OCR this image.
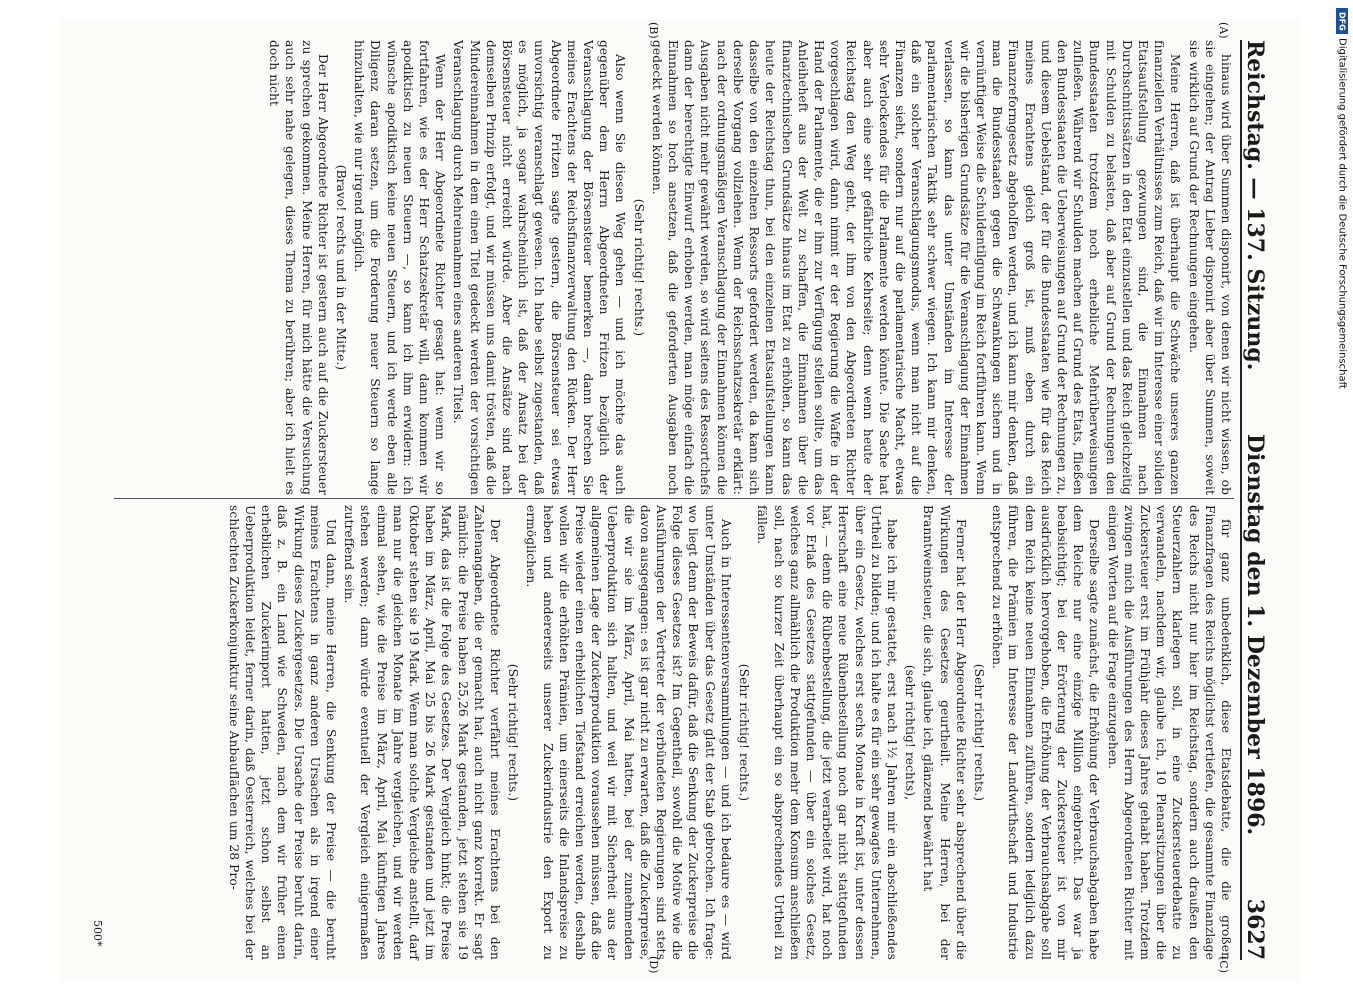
Reichstag. — 137. Sitzung.
Dienstag den 1. Dezember 1896.
3627

hinaus wird über Summen disponirt, von denen wir nicht wissen, ob sie eingehen; der Antrag Lieber disponirt aber über Summen, soweit sie wirklich auf Grund der Rechnungen eingehen.

Meine Herren, daß ist überhaupt die Schwäche unseres ganzen finanziellen Verhältnisses zum Reich, daß wir im Interesse einer soliden Etatsaufstellung gezwungen sind, die Einnahmen nach Durchschnittssätzen in den Etat einzustellen und das Reich gleichzeitig mit Schulden zu belasten, daß aber auf Grund der Rechnungen den Bundesstaaten trotzdem noch erhebliche Mehrüberweisungen zufließen. Während wir Schulden machen auf Grund des Etats, fließen den Bundesstaaten die Ueberweisungen auf Grund der Rechnungen zu, und diesem Uebelstand, der für die Bundesstaaten wie für das Reich meines Erachtens gleich groß ist, muß eben durch ein Finanzreformgesetz abgeholfen werden, und ich kann mir denken, daß man die Bundesstaaten gegen die Schwankungen sichern und in vernünftiger Weise die Schuldentilgung im Reich fortführen kann. Wenn wir die bisherigen Grundsätze für die Veranschlagung der Einnahmen verlassen, so kann das unter Umständen im Interesse der parlamentarischen Taktik sehr schwer wiegen. Ich kann mir denken, daß ein solcher Veranschlagungsmodus, wenn man nicht auf die Finanzen sieht, sondern nur auf die parlamentarische Macht, etwas sehr Verlockendes für die Parlamente werden könnte. Die Sache hat aber auch eine sehr gefährliche Kehrseite; denn wenn heute der Reichstag den Weg geht, der ihm von den Abgeordneten Richter vorgeschlagen wird, dann nimmt er der Regierung die Waffe in der Hand der Parlamente, die er ihm zur Verfügung stellen sollte, um das Anleiheheft aus der Welt zu schaffen, die Einnahmen über die finanztechnischen Grundsätze hinaus im Etat zu erhöhen, so kann das heute der Reichstag thun, bei den einzelnen Etatsaufstellungen kann dasselbe von den einzelnen Ressorts gefordert werden, da kann sich derselbe Vorgang vollziehen. Wenn der Reichsschatzsekretär erklärt: nach der ordnungsmäßigen Veranschlagung der Einnahmen können die Ausgaben nicht mehr gewährt werden, so wird seitens des Ressortchefs dann der berechtigte Einwurf erhoben werden, man möge einfach die Einnahmen so hoch ansetzen, daß die geforderten Ausgaben noch gedeckt werden können.

(Sehr richtig! rechts.)

Also wenn Sie diesen Weg gehen — und ich möchte das auch gegenüber dem Herrn Abgeordneten Fritzen bezüglich der Veranschlagung der Börsensteuer bemerken —, dann brechen Sie meines Erachtens der Reichsfinanzverwaltung den Rücken. Der Herr Abgeordnete Fritzen sagte gestern, die Börsensteuer sei etwas unvorsichtig veranschlagt gewesen. Ich habe selbst zugestanden, daß es möglich, ja sogar wahrscheinlich ist, daß der Ansatz bei der Börsensteuer nicht erreicht würde. Aber die Ansätze sind nach demselben Prinzip erfolgt, und wir müssen uns damit trösten, daß die Mindereinnahmen in dem einen Titel gedeckt werden der vorsichtigen Veranschlagung durch Mehreinnahmen eines anderen Titels.

Wenn der Herr Abgeordnete Richter gesagt hat: wenn wir so fortfahren, wie es der Herr Schatzsekretär will, dann kommen wir apodiktisch zu neuen Steuern —, so kann ich ihm erwidern: ich wünsche apodiktisch keine neuen Steuern, und ich werde eben alle Diligenz daran setzen, um die Forderung neuer Steuern so lange hinzuhalten, wie nur irgend möglich.

(Bravo! rechts und in der Mitte.)

Der Herr Abgeordnete Richter ist gestern auch auf die Zuckersteuer zu sprechen gekommen. Meine Herren, für mich hätte die Versuchung auch sehr nahe gelegen, dieses Thema zu berühren; aber ich hielt es doch nicht

für ganz unbedenklich, diese Etatsdebatte, die die großen Finanzfragen des Reichs möglichst vertiefen, die gesammte Finanzlage des Reichs nicht nur hier im Reichstag, sondern auch draußen den Steuerzahlern klarlegen soll, in eine Zuckersteuerdebatte zu verwandeln, nachdem wir, glaube ich, 10 Plenarsitzungen über die Zuckersteuer erst im Frühjahr dieses Jahres gehabt haben. Trotzdem zwingen mich die Ausführungen des Herrn Abgeordneten Richter mit einigen Worten auf die Frage einzugehen.

Derselbe sagte zunächst, die Erhöhung der Verbrauchsabgaben habe dem Reiche nur eine einzige Million eingebracht. Das war ja beabsichtigt; bei der Erörterung der Zuckersteuer ist von mir ausdrücklich hervorgehoben, die Erhöhung der Verbrauchsabgabe soll dem Reich keine neuen Einnahmen zuführen, sondern lediglich dazu führen, die Prämien im Interesse der Landwirthschaft und Industrie entsprechend zu erhöhen.

(Sehr richtig! rechts.)

Ferner hat der Herr Abgeordnete Richter sehr absprechend über die Wirkungen des Gesetzes geurtheilt. Meine Herren, bei der Branntweinsteuer, die sich, glaube ich, glänzend bewährt hat

(sehr richtig! rechts),

habe ich mir gestattet, erst nach 1½ Jahren mir ein abschließendes Urtheil zu bilden; und ich halte es für ein sehr gewagtes Unternehmen, über ein Gesetz, welches erst sechs Monate in Kraft ist, unter dessen Herrschaft eine neue Rübenbestellung noch gar nicht stattgefunden hat, — denn die Rübenbestellung, die jetzt verarbeitet wird, hat noch vor Erlaß des Gesetzes stattgefunden — über ein solches Gesetz, welches ganz allmählich die Produktion mehr dem Konsum anschließen soll, nach so kurzer Zeit überhaupt ein so absprechendes Urtheil zu fällen.

(Sehr richtig! rechts.)

Auch in Interessentenversammlungen — und ich bedaure es — wird unter Umständen über das Gesetz glatt der Stab gebrochen. Ich frage: wo liegt denn der Beweis dafür, daß die Senkung der Zuckerpreise die Folge dieses Gesetzes ist? Im Gegentheil, sowohl die Motive wie die Ausführungen der Vertreter der verbündeten Regierungen sind stets davon ausgegangen: es ist gar nicht zu erwarten, daß die Zuckerpreise, die wir sie im März, April, Mai hatten, bei der zunehmenden Ueberproduktion sich halten, und weil wir mit Sicherheit aus der allgemeinen Lage der Zuckerproduktion voraussehen müssen, daß die Preise wieder einen erheblichen Tiefstand erreichen werden, deshalb wollen wir die erhöhten Prämien, um einerseits die Inlandspreise zu heben und andererseits unserer Zuckerindustrie den Export zu ermöglichen.

(Sehr richtig! rechts.)

Der Abgeordnete Richter verfährt meines Erachtens bei den Zahlenangaben, die er gemacht hat, auch nicht ganz korrekt. Er sagt nämlich: die Preise haben 25,26 Mark gestanden, jetzt stehen sie 19 Mark, das ist die Folge des Gesetzes. Der Vergleich hinkt; die Preise haben im März, April, Mai 25 bis 26 Mark gestanden und jetzt im Oktober stehen sie 19 Mark. Wenn man solche Vergleiche anstellt, darf man nur die gleichen Monate im Jahre vergleichen, und wir werden einmal sehen, wie die Preise im März, April, Mai künftigen Jahres stehen werden; dann würde eventuell der Vergleich einigermaßen zutreffend sein.

Und dann, meine Herren, die Senkung der Preise — die beruht meines Erachtens in ganz anderen Ursachen als in irgend einer Wirkung dieses Zuckergesetzes. Die Ursache der Preise beruht darin, daß z. B. ein Land wie Schweden, nach dem wir früher einen erheblichen Zuckerimport hatten, jetzt schon selbst an Ueberproduktion leidet, ferner darin, daß Oesterreich, welches bei der schlechten Zuckerkonjunktur seine Anbauflächen um 28 Pro-

(A)
(B)
(C)
(D)
500*
DFG
Digitalisierung gefördert durch die Deutsche Forschungsgemeinschaft
